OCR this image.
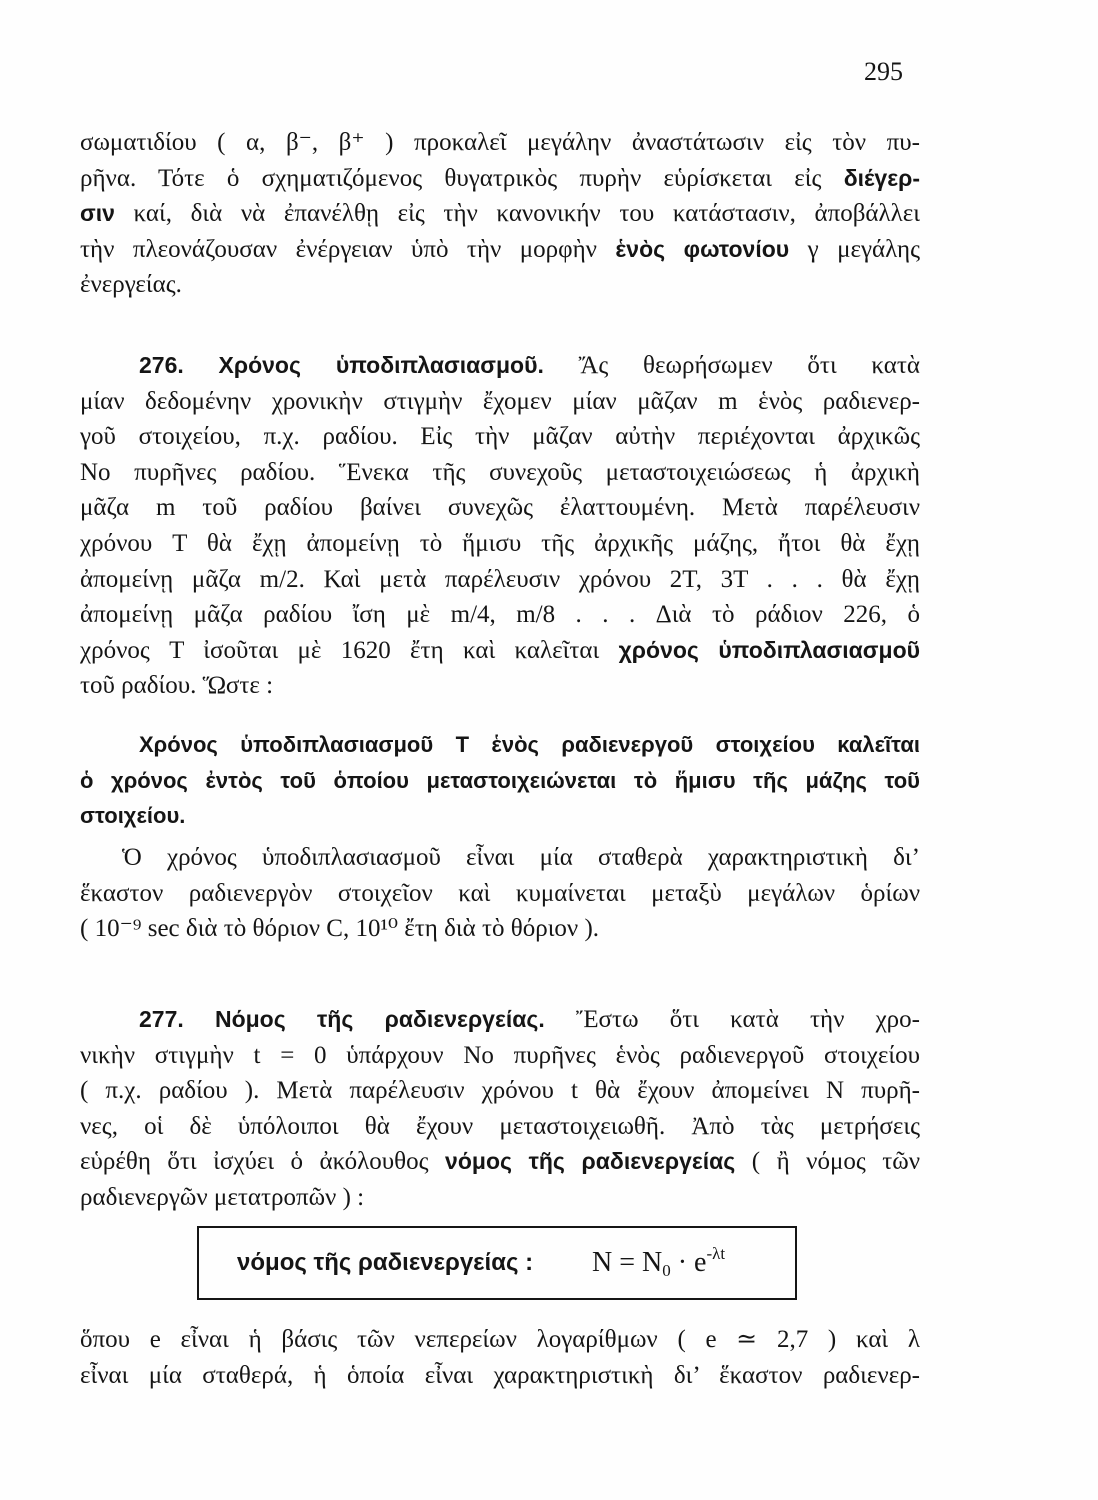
295
σωματιδίου ( α, β⁻, β⁺ ) προκαλεῖ μεγάλην ἀναστάτωσιν εἰς τὸν πυ-
ρῆνα. Τότε ὁ σχηματιζόμενος θυγατρικὸς πυρὴν εὑρίσκεται εἰς διέγερ-
σιν καί, διὰ νὰ ἐπανέλθῃ εἰς τὴν κανονικήν του κατάστασιν, ἀποβάλλει
τὴν πλεονάζουσαν ἐνέργειαν ὑπὸ τὴν μορφὴν ἑνὸς φωτονίου γ μεγάλης
ἐνεργείας.
276. Χρόνος ὑποδιπλασιασμοῦ. Ἄς θεωρήσωμεν ὅτι κατὰ
μίαν δεδομένην χρονικὴν στιγμὴν ἔχομεν μίαν μᾶζαν m ἑνὸς ραδιενερ-
γοῦ στοιχείου, π.χ. ραδίου. Εἰς τὴν μᾶζαν αὐτὴν περιέχονται ἀρχικῶς
No πυρῆνες ραδίου. Ἕνεκα τῆς συνεχοῦς μεταστοιχειώσεως ἡ ἀρχικὴ
μᾶζα m τοῦ ραδίου βαίνει συνεχῶς ἐλαττουμένη. Μετὰ παρέλευσιν
χρόνου T θὰ ἔχῃ ἀπομείνῃ τὸ ἥμισυ τῆς ἀρχικῆς μάζης, ἤτοι θὰ ἔχῃ
ἀπομείνῃ μᾶζα m/2. Καὶ μετὰ παρέλευσιν χρόνου 2T, 3T . . . θὰ ἔχῃ
ἀπομείνῃ μᾶζα ραδίου ἴση μὲ m/4, m/8 . . . Διὰ τὸ ράδιον 226, ὁ
χρόνος T ἰσοῦται μὲ 1620 ἔτη καὶ καλεῖται χρόνος ὑποδιπλασιασμοῦ
τοῦ ραδίου. Ὥστε :
Χρόνος ὑποδιπλασιασμοῦ T ἑνὸς ραδιενεργοῦ στοιχείου καλεῖται
ὁ χρόνος ἐντὸς τοῦ ὁποίου μεταστοιχειώνεται τὸ ἥμισυ τῆς μάζης τοῦ
στοιχείου.
Ὁ χρόνος ὑποδιπλασιασμοῦ εἶναι μία σταθερὰ χαρακτηριστικὴ δι’
ἕκαστον ραδιενεργὸν στοιχεῖον καὶ κυμαίνεται μεταξὺ μεγάλων ὁρίων
( 10⁻⁹ sec διὰ τὸ θόριον C, 10¹⁰ ἔτη διὰ τὸ θόριον ).
277. Νόμος τῆς ραδιενεργείας. Ἔστω ὅτι κατὰ τὴν χρο-
νικὴν στιγμὴν t = 0 ὑπάρχουν No πυρῆνες ἑνὸς ραδιενεργοῦ στοιχείου
( π.χ. ραδίου ). Μετὰ παρέλευσιν χρόνου t θὰ ἔχουν ἀπομείνει N πυρῆ-
νες, οἱ δὲ ὑπόλοιποι θὰ ἔχουν μεταστοιχειωθῆ. Ἀπὸ τὰς μετρήσεις
εὑρέθη ὅτι ἰσχύει ὁ ἀκόλουθος νόμος τῆς ραδιενεργείας ( ἢ νόμος τῶν
ραδιενεργῶν μετατροπῶν ) :
νόμος τῆς ραδιενεργείας : $N = N_0 \cdot e^{-\lambda t}$
ὅπου e εἶναι ἡ βάσις τῶν νεπερείων λογαρίθμων ( e ≃ 2,7 ) καὶ λ
εἶναι μία σταθερά, ἡ ὁποία εἶναι χαρακτηριστικὴ δι’ ἕκαστον ραδιενερ-
